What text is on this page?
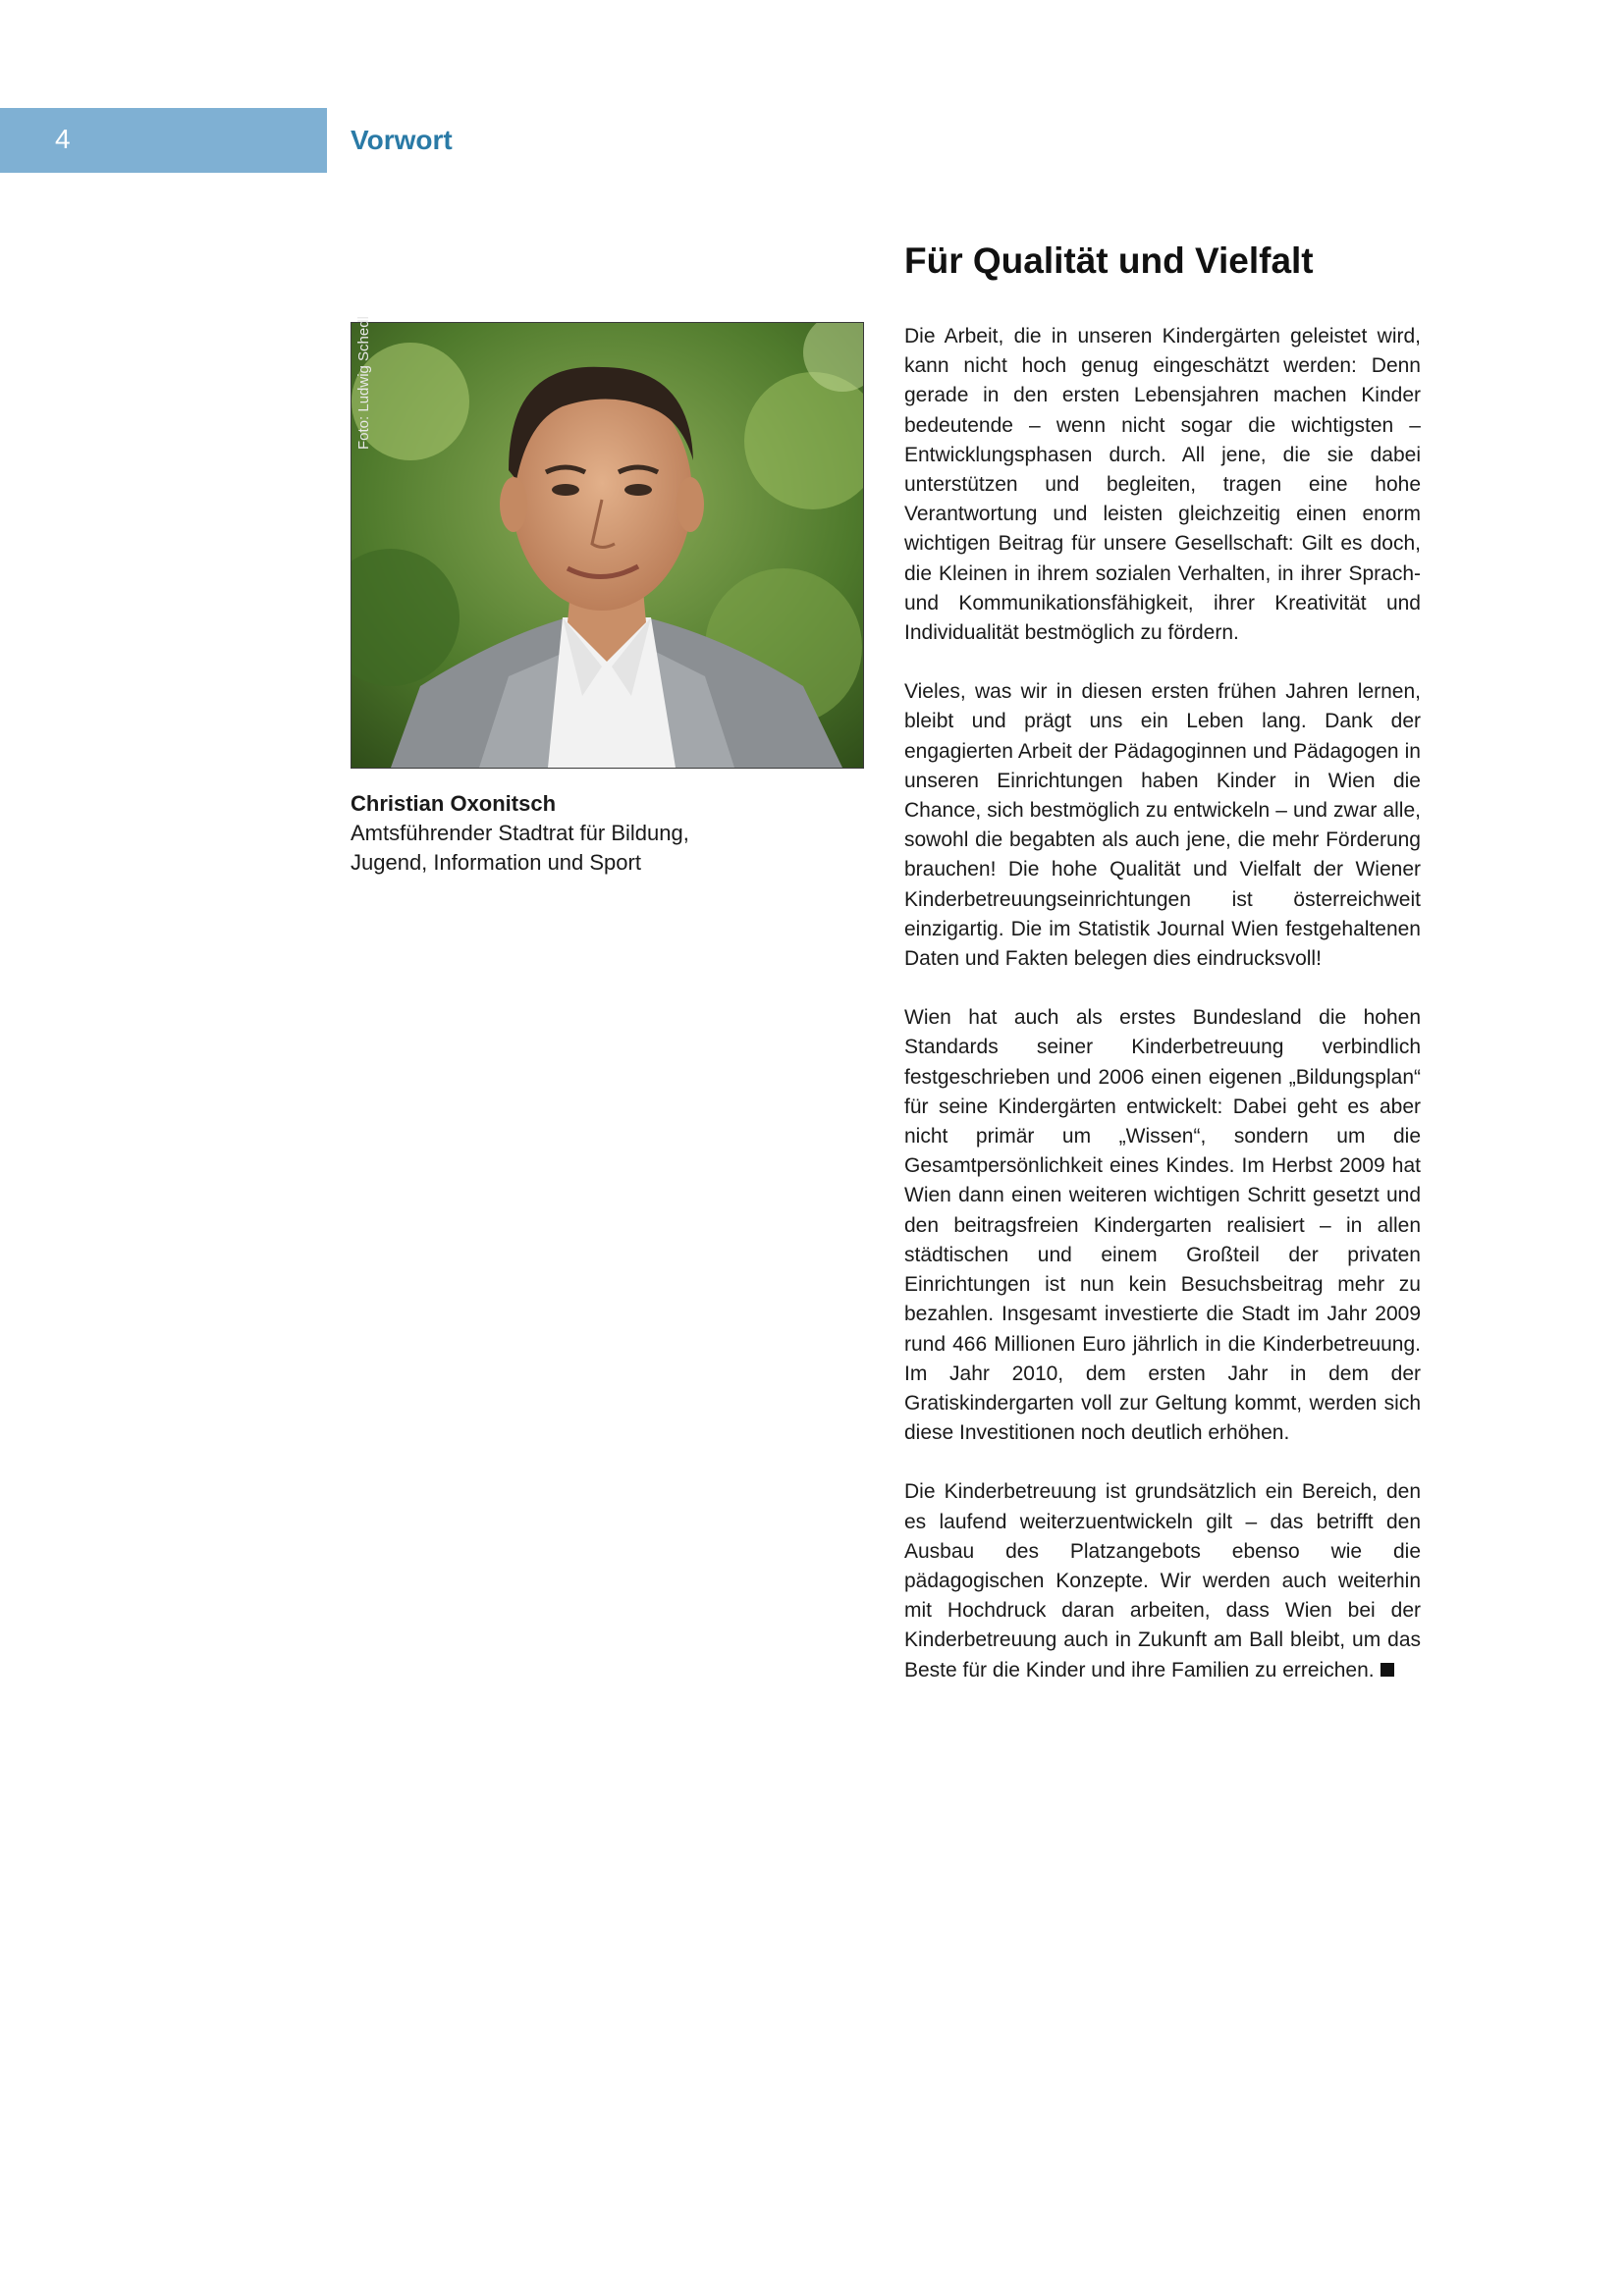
4	Vorwort
Foto: Ludwig Schedl
Christian Oxonitsch
Amtsführender Stadtrat für Bildung,
Jugend, Information und Sport
Für Qualität und Vielfalt

Die Arbeit, die in unseren Kindergärten geleistet wird, kann nicht hoch genug eingeschätzt werden: Denn gerade in den ersten Lebensjahren machen Kinder bedeutende – wenn nicht sogar die wichtigsten – Entwicklungsphasen durch. All jene, die sie dabei unterstützen und begleiten, tragen eine hohe Verantwortung und leisten gleichzeitig einen enorm wichtigen Beitrag für unsere Gesellschaft: Gilt es doch, die Kleinen in ihrem sozialen Verhalten, in ihrer Sprach- und Kommunikationsfähigkeit, ihrer Kreativität und Individualität bestmöglich zu fördern.

Vieles, was wir in diesen ersten frühen Jahren lernen, bleibt und prägt uns ein Leben lang. Dank der engagierten Arbeit der Pädagoginnen und Pädagogen in unseren Einrichtungen haben Kinder in Wien die Chance, sich bestmöglich zu entwickeln – und zwar alle, sowohl die begabten als auch jene, die mehr Förderung brauchen! Die hohe Qualität und Vielfalt der Wiener Kinderbetreuungseinrichtungen ist österreichweit einzigartig. Die im Statistik Journal Wien festgehaltenen Daten und Fakten belegen dies eindrucksvoll!

Wien hat auch als erstes Bundesland die hohen Standards seiner Kinderbetreuung verbindlich festgeschrieben und 2006 einen eigenen „Bildungsplan“ für seine Kindergärten entwickelt: Dabei geht es aber nicht primär um „Wissen“, sondern um die Gesamtpersönlichkeit eines Kindes. Im Herbst 2009 hat Wien dann einen weiteren wichtigen Schritt gesetzt und den beitragsfreien Kindergarten realisiert – in allen städtischen und einem Großteil der privaten Einrichtungen ist nun kein Besuchsbeitrag mehr zu bezahlen. Insgesamt investierte die Stadt im Jahr 2009 rund 466 Millionen Euro jährlich in die Kinderbetreuung. Im Jahr 2010, dem ersten Jahr in dem der Gratiskindergarten voll zur Geltung kommt, werden sich diese Investitionen noch deutlich erhöhen.

Die Kinderbetreuung ist grundsätzlich ein Bereich, den es laufend weiterzuentwickeln gilt – das betrifft den Ausbau des Platzangebots ebenso wie die pädagogischen Konzepte. Wir werden auch weiterhin mit Hochdruck daran arbeiten, dass Wien bei der Kinderbetreuung auch in Zukunft am Ball bleibt, um das Beste für die Kinder und ihre Familien zu erreichen.
